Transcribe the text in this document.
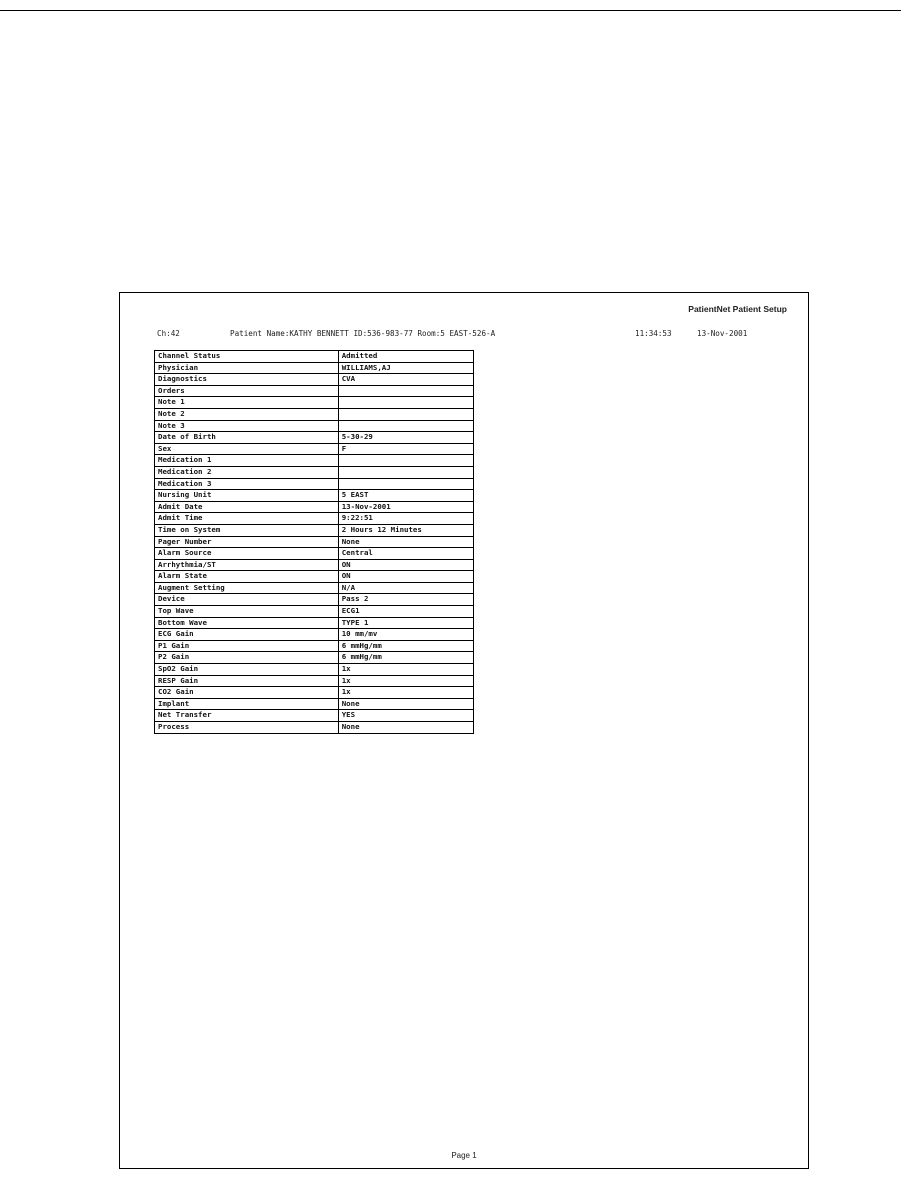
PatientNet Patient Setup

Ch:42

	Patient Name:KATHY BENNETT ID:536-983-77 Room:5 EAST-526-A

	11:34:53

	13-Nov-2001

Channel Status	Admitted
Physician	WILLIAMS,AJ
Diagnostics	CVA
Orders	
Note 1	
Note 2	
Note 3	
Date of Birth	5-30-29
Sex	F
Medication 1	
Medication 2	
Medication 3	
Nursing Unit	5 EAST
Admit Date	13-Nov-2001
Admit Time	9:22:51
Time on System	2 Hours 12 Minutes
Pager Number	None
Alarm Source	Central
Arrhythmia/ST	ON
Alarm State	ON
Augment Setting	N/A
Device	Pass 2
Top Wave	ECG1
Bottom Wave	TYPE 1
ECG Gain	10 mm/mv
P1 Gain	6 mmHg/mm
P2 Gain	6 mmHg/mm
SpO2 Gain	1x
RESP Gain	1x
CO2 Gain	1x
Implant	None
Net Transfer	YES
Process	None
Page 1
